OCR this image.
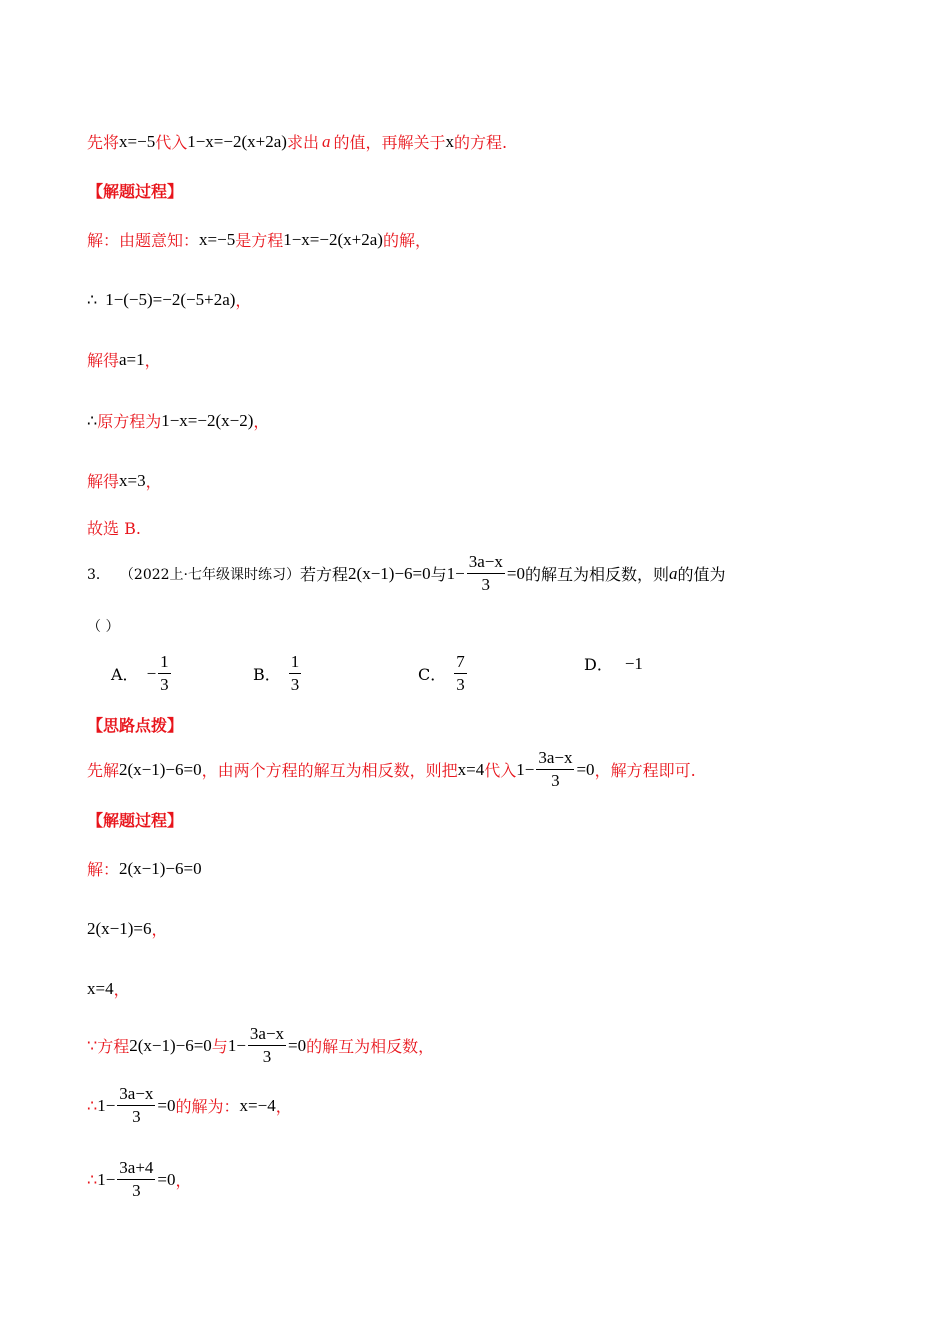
先将 x=−5 代入 1−x=−2(x+2a) 求出 a 的值，再解关于 x 的方程.
【解题过程】
解：由题意知： x=−5 是方程 1−x=−2(x+2a) 的解，
∴ 1−(−5)=−2(−5+2a) ，
解得 a=1 ，
∴ 原方程为 1−x=−2(x−2) ，
解得 x=3 ，
故选 B.
3． （2022上·七年级课时练习） 若方程 2(x−1)−6=0 与 $1- \frac{3a-x}{3} =0$ 的解互为相反数，则 a 的值为
（ ）
A． − $\frac{1}{3}$	B． $\frac{1}{3}$	C． $\frac{7}{3}$	D． −1
【思路点拨】
先解 2(x−1)−6=0 ，由两个方程的解互为相反数，则把 x=4 代入 $1- \frac{3a-x}{3} =0$ ，解方程即可.
【解题过程】
解： 2(x−1)−6=0
2(x−1)=6 ，
x=4 ，
∵ 方程 2(x−1)−6=0 与 $1- \frac{3a-x}{3} =0$ 的解互为相反数，
∴ $1- \frac{3a-x}{3} =0$ 的解为： x=−4 ，
∴ $1- \frac{3a+4}{3} =0$ ，
